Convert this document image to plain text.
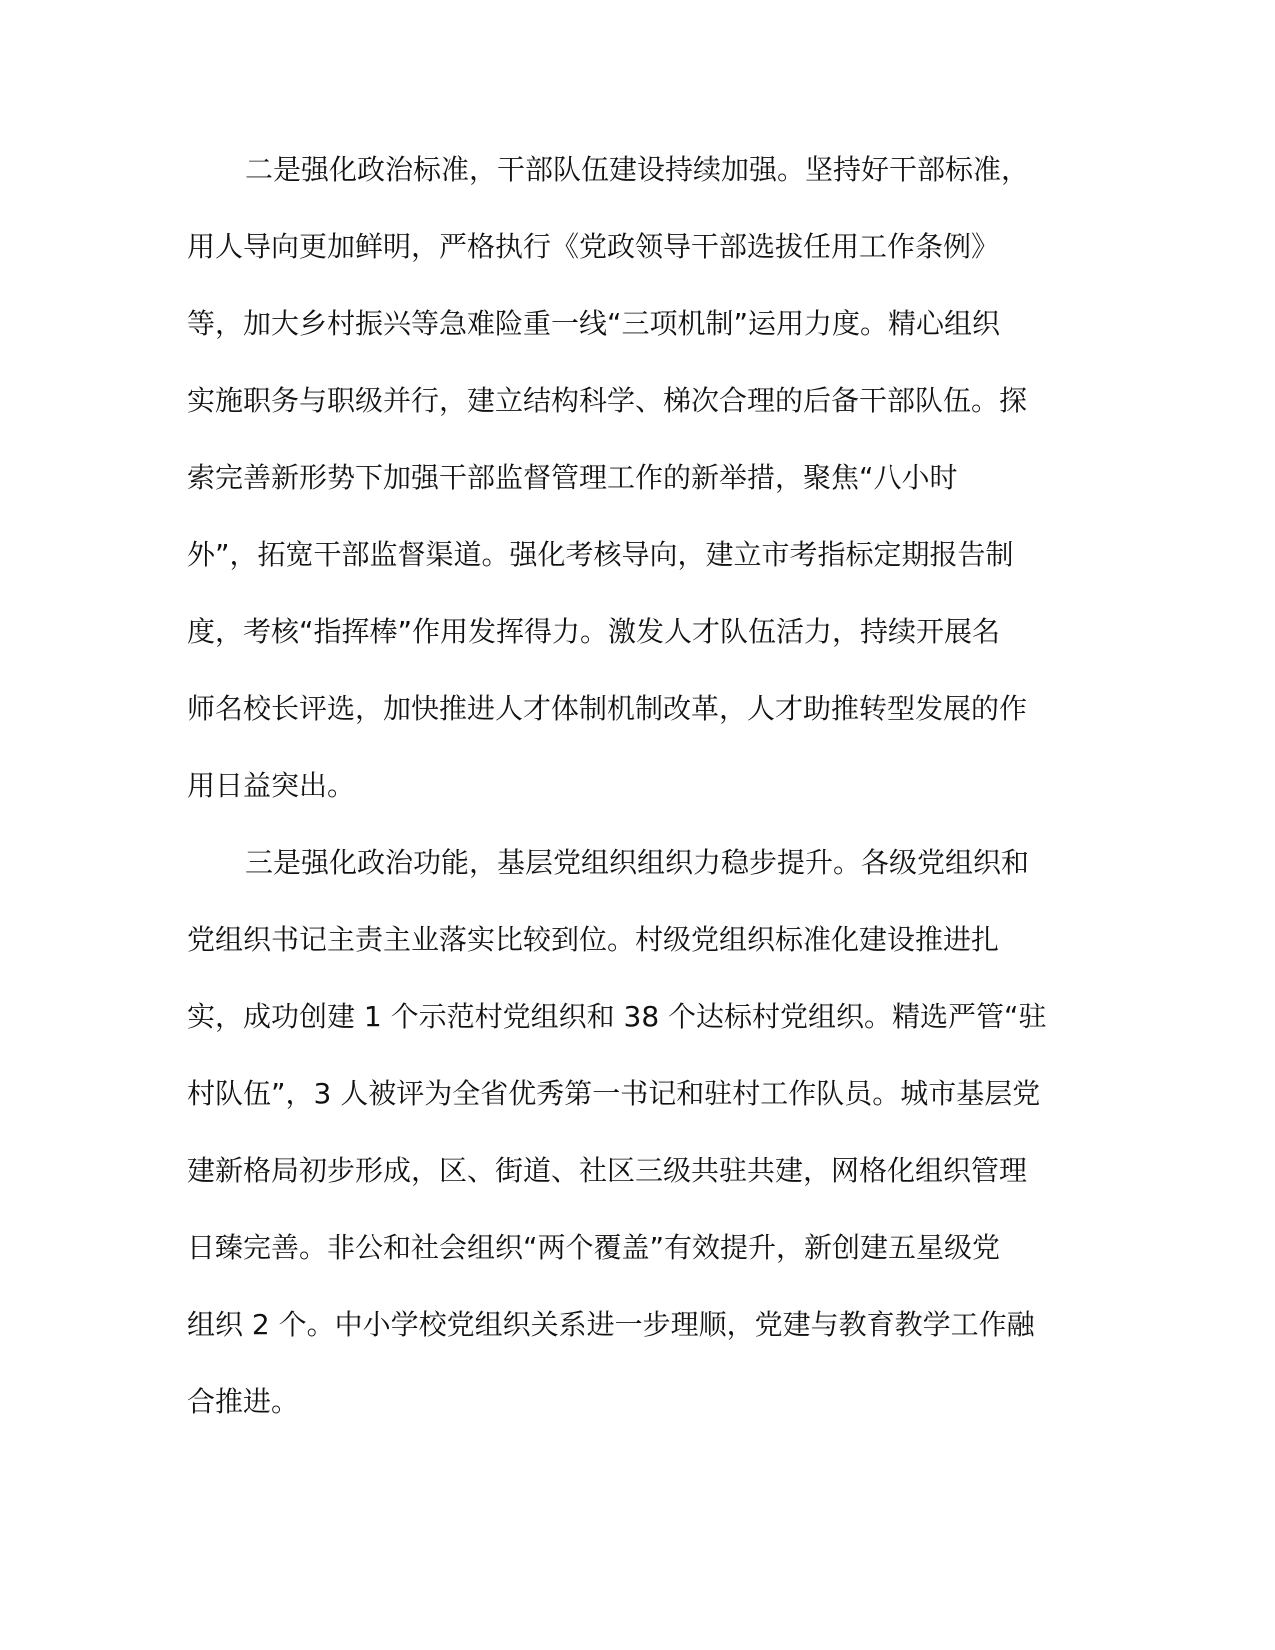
二是强化政治标准，干部队伍建设持续加强。坚持好干部标准，
用人导向更加鲜明，严格执行《党政领导干部选拔任用工作条例》
等，加大乡村振兴等急难险重一线“三项机制”运用力度。精心组织
实施职务与职级并行，建立结构科学、梯次合理的后备干部队伍。探
索完善新形势下加强干部监督管理工作的新举措，聚焦“八小时
外”，拓宽干部监督渠道。强化考核导向，建立市考指标定期报告制
度，考核“指挥棒”作用发挥得力。激发人才队伍活力，持续开展名
师名校长评选，加快推进人才体制机制改革，人才助推转型发展的作
用日益突出。
三是强化政治功能，基层党组织组织力稳步提升。各级党组织和
党组织书记主责主业落实比较到位。村级党组织标准化建设推进扎
实，成功创建 1 个示范村党组织和 38 个达标村党组织。精选严管“驻
村队伍”，3 人被评为全省优秀第一书记和驻村工作队员。城市基层党
建新格局初步形成，区、街道、社区三级共驻共建，网格化组织管理
日臻完善。非公和社会组织“两个覆盖”有效提升，新创建五星级党
组织 2 个。中小学校党组织关系进一步理顺，党建与教育教学工作融
合推进。
